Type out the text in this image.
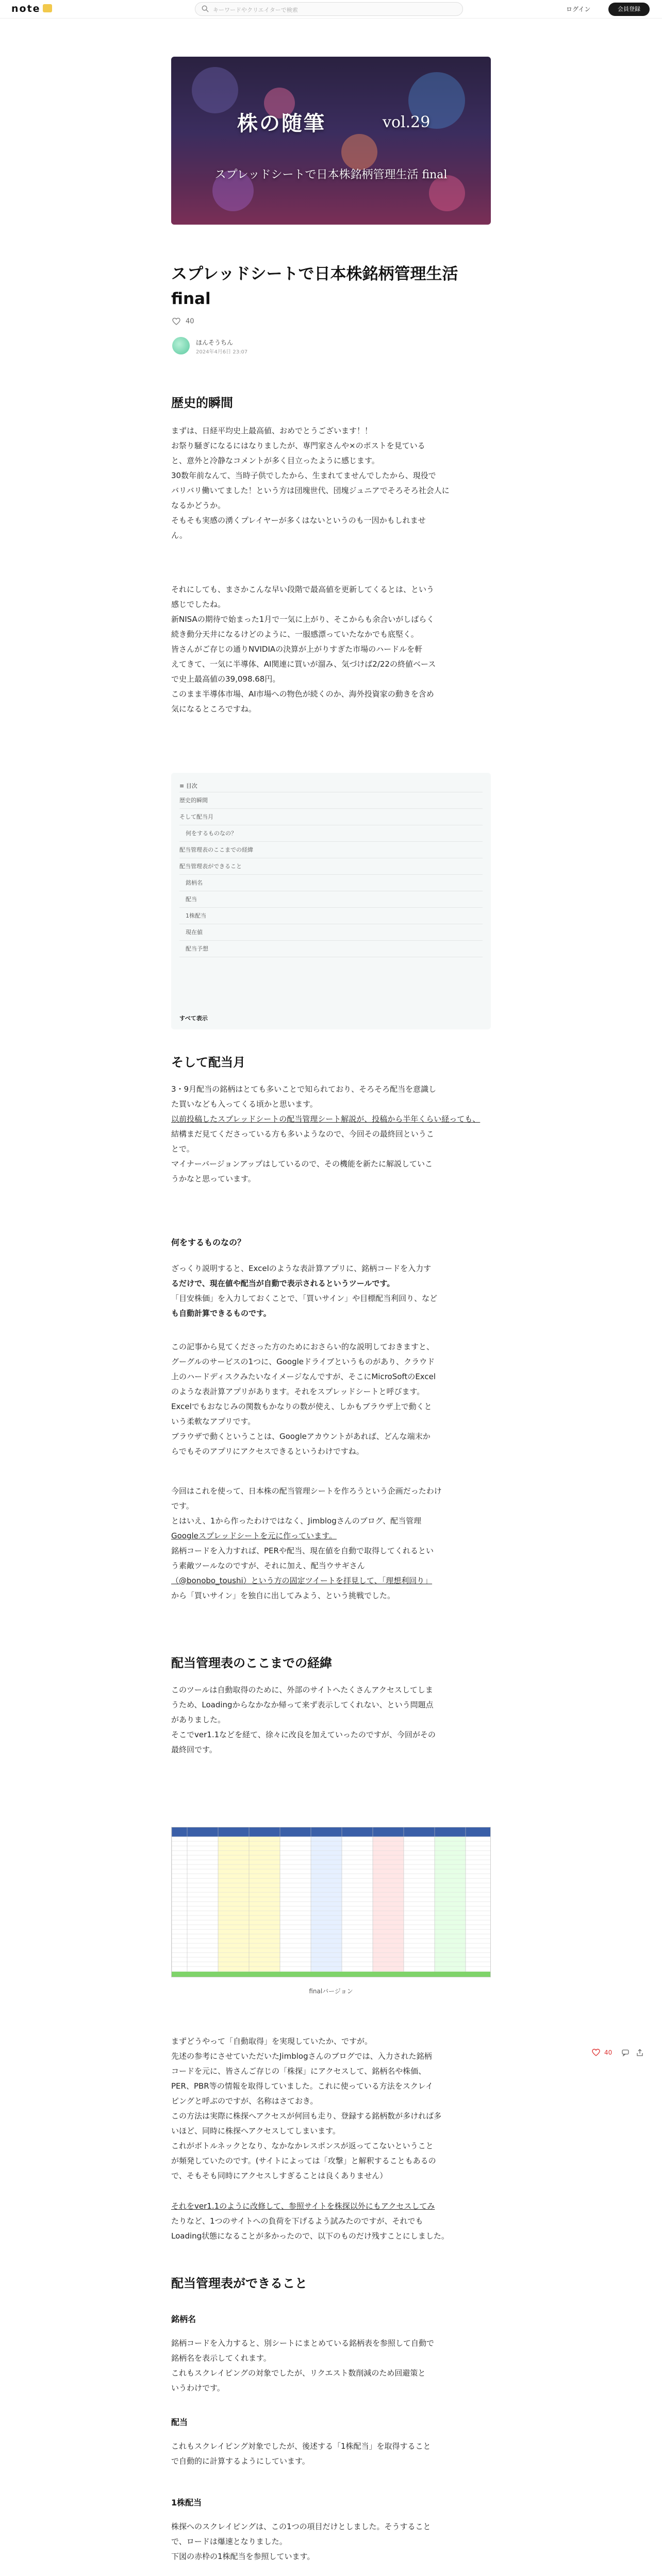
note	キーワードやクリエイターで検索	ログイン	会員登録
株の随筆	vol.29
スプレッドシートで日本株銘柄管理生活 final
スプレッドシートで日本株銘柄管理生活
final
40
ほんそうちん
2024年4月6日 23:07
歴史的瞬間

まずは、日経平均史上最高値、おめでとうございます！！
お祭り騒ぎになるにはなりましたが、専門家さんや×のポストを見ている
と、意外と冷静なコメントが多く目立ったように感じます。
30数年前なんて、当時子供でしたから、生まれてませんでしたから、現役で
バリバリ働いてました！という方は団塊世代、団塊ジュニアでそろそろ社会人に
なるかどうか。
そもそも実感の湧くプレイヤーが多くはないというのも一因かもしれませ
ん。

それにしても、まさかこんな早い段階で最高値を更新してくるとは、という
感じでしたね。
新NISAの期待で始まった1月で一気に上がり、そこからも余合いがしばらく
続き動分天井になるけどのように、一服感漂っていたなかでも底堅く。
皆さんがご存じの通りNVIDIAの決算が上がりすぎた市場のハードルを軒
えてきて、一気に半導体、AI関連に買いが溜み、気づけば2/22の終値ベース
で史上最高値の39,098.68円。
このまま半導体市場、AI市場への物色が続くのか、海外投資家の動きを含め
気になるところですね。

≡ 目次
歴史的瞬間
そして配当月
何をするものなの？
配当管理表のここまでの経緯
配当管理表ができること
銘柄名
配当
1株配当
現在値
配当予想
すべて表示
そして配当月

3・9月配当の銘柄はとても多いことで知られており、そろそろ配当を意識し
た買いなども入ってくる頃かと思います。
以前投稿したスプレッドシートの配当管理シート解説が、投稿から半年くらい経っても、
結構まだ見てくださっている方も多いようなので、今回その最終回というこ
とで。
マイナーバージョンアップはしているので、その機能を新たに解説していこ
うかなと思っています。

何をするものなの？

ざっくり説明すると、Excelのような表計算アプリに、銘柄コードを入力す
るだけで、現在値や配当が自動で表示されるというツールです。
「目安株価」を入力しておくことで、「買いサイン」や目標配当利回り、など
も自動計算できるものです。

この記事から見てくださった方のためにおさらい的な説明しておきますと、
グーグルのサービスの1つに、Googleドライブというものがあり、クラウド
上のハードディスクみたいなイメージなんですが、そこにMicroSoftのExcel
のような表計算アプリがあります。それをスプレッドシートと呼びます。
Excelでもおなじみの関数もかなりの数が使え、しかもブラウザ上で動くと
いう柔軟なアプリです。
ブラウザで動くということは、Googleアカウントがあれば、どんな端末か
らでもそのアプリにアクセスできるというわけですね。

今回はこれを使って、日本株の配当管理シートを作ろうという企画だったわけ
です。
とはいえ、1から作ったわけではなく、Jimblogさんのブログ、配当管理
Googleスプレッドシートを元に作っています。
銘柄コードを入力すれば、PERや配当、現在値を自動で取得してくれるとい
う素敵ツールなのですが、それに加え、配当ウサギさん
（@bonobo_toushi）という方の固定ツイートを拝見して、「理想利回り」
から「買いサイン」を独自に出してみよう、という挑戦でした。

配当管理表のここまでの経緯

このツールは自動取得のために、外部のサイトへたくさんアクセスしてしま
うため、Loadingからなかなか帰って来ず表示してくれない、という問題点
がありました。
そこでver1.1などを経て、徐々に改良を加えていったのですが、今回がその
最終回です。

finalバージョン

まずどうやって「自動取得」を実現していたか、ですが。
先述の参考にさせていただいたJimblogさんのブログでは、入力された銘柄
コードを元に、皆さんご存じの「株探」にアクセスして、銘柄名や株価、
PER、PBR等の情報を取得していました。これに使っている方法をスクレイ
ピングと呼ぶのですが、名称はさておき。
この方法は実際に株探へアクセスが何回も走り、登録する銘柄数が多ければ多
いほど、同時に株探へアクセスしてしまいます。
これがボトルネックとなり、なかなかレスポンスが返ってこないということ
が頻発していたのです。(サイトによっては「攻撃」と解釈することもあるの
で、そもそも同時にアクセスしすぎることは良くありません）

それをver1.1のように改修して、参照サイトを株探以外にもアクセスしてみ
たりなど、1つのサイトへの負荷を下げるよう試みたのですが、それでも
Loading状態になることが多かったので、以下のものだけ残すことにしました。

配当管理表ができること
銘柄名

銘柄コードを入力すると、別シートにまとめている銘柄表を参照して自動で
銘柄名を表示してくれます。
これもスクレイピングの対象でしたが、リクエスト数削減のため回避策と
いうわけです。

配当

これもスクレイピング対象でしたが、後述する「1株配当」を取得すること
で自動的に計算するようにしています。

1株配当

株探へのスクレイピングは、この1つの項目だけとしました。そうすること
で、ロードは爆速となりました。
下図の赤枠の1株配当を参照しています。

40
